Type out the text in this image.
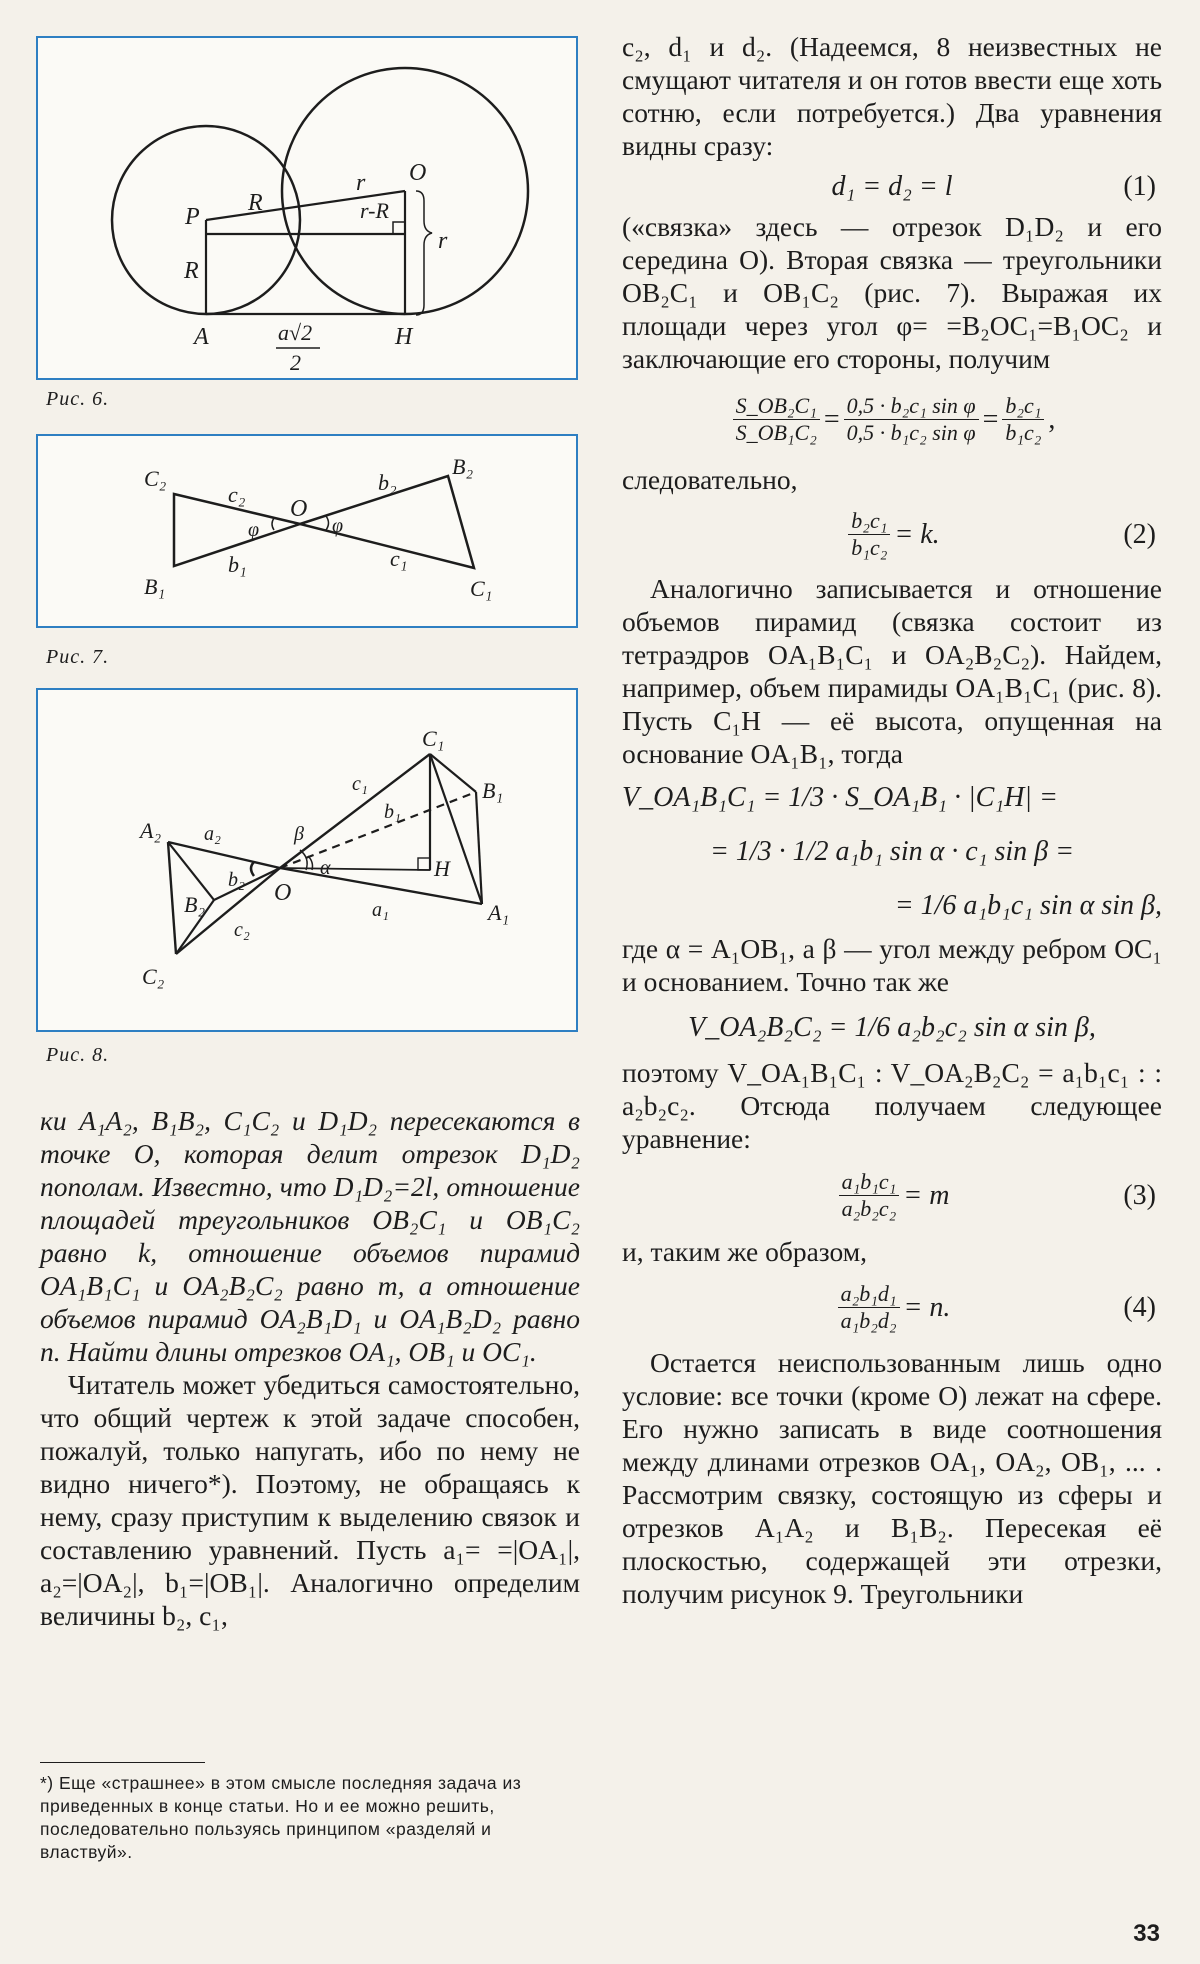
P
O
A	H
R
R
r
r
r-R
a√2
2
Рис. 6.
C₂	B₂
B₁	C₁
O
c₂	b₂
b₁	c₁
φ	φ
Рис. 7.
A₂
B₂
C₂
C₁
B₁
A₁
O
H
a₂
b₂
c₂
c₁
b₁
a₁
α
β
Рис. 8.

ки A₁A₂, B₁B₂, C₁C₂ и D₁D₂ пересекаются в точке O, которая делит отрезок D₁D₂ пополам. Известно, что D₁D₂=2l, отношение площадей треугольников OB₂C₁ и OB₁C₂ равно k, отношение объемов пирамид OA₁B₁C₁ и OA₂B₂C₂ равно m, а отношение объемов пирамид OA₂B₁D₁ и OA₁B₂D₂ равно n. Найти длины отрезков OA₁, OB₁ и OC₁.

Читатель может убедиться самостоятельно, что общий чертеж к этой задаче способен, пожалуй, только напугать, ибо по нему не видно ничего*). Поэтому, не обращаясь к нему, сразу приступим к выделению связок и составлению уравнений. Пусть a₁= =|OA₁|, a₂=|OA₂|, b₁=|OB₁|. Аналогично определим величины b₂, c₁,

*) Еще «страшнее» в этом смысле последняя задача из приведенных в конце статьи. Но и ее можно решить, последовательно пользуясь принципом «разделяй и властвуй».

c₂, d₁ и d₂. (Надеемся, 8 неизвестных не смущают читателя и он готов ввести еще хоть сотню, если потребуется.) Два уравнения видны сразу:

d₁ = d₂ = l	(1)

(«связка» здесь — отрезок D₁D₂ и его середина O). Вторая связка — треугольники OB₂C₁ и OB₁C₂ (рис. 7). Выражая их площади через угол φ= =B₂OC₁=B₁OC₂ и заключающие его стороны, получим

$\frac{\text{S\_OB₂C₁}}{\text{S\_OB₁C₂}} = \frac{\text{0,5 · b₂c₁ sin φ}}{\text{0,5 · b₁c₂ sin φ}} = \frac{\text{b₂c₁}}{\text{b₁c₂}}$ ,

следовательно,

$\frac{\text{b₂c₁}}{\text{b₁c₂}} = k$.	(2)

Аналогично записывается и отношение объемов пирамид (связка состоит из тетраэдров OA₁B₁C₁ и OA₂B₂C₂). Найдем, например, объем пирамиды OA₁B₁C₁ (рис. 8). Пусть C₁H — её высота, опущенная на основание OA₁B₁, тогда

V_OA₁B₁C₁ = 1/3 · S_OA₁B₁ · |C₁H| =
= 1/3 · 1/2 a₁b₁ sin α · c₁ sin β =
= 1/6 a₁b₁c₁ sin α sin β,

где α = A₁OB₁, а β — угол между ребром OC₁ и основанием. Точно так же

V_OA₂B₂C₂ = 1/6 a₂b₂c₂ sin α sin β,

поэтому V_OA₁B₁C₁ : V_OA₂B₂C₂ = a₁b₁c₁ : : a₂b₂c₂. Отсюда получаем следующее уравнение:

$\frac{\text{a₁b₁c₁}}{\text{a₂b₂c₂}} = m$	(3)

и, таким же образом,

$\frac{\text{a₂b₁d₁}}{\text{a₁b₂d₂}} = n$.	(4)

Остается неиспользованным лишь одно условие: все точки (кроме O) лежат на сфере. Его нужно записать в виде соотношения между длинами отрезков OA₁, OA₂, OB₁, ... . Рассмотрим связку, состоящую из сферы и отрезков A₁A₂ и B₁B₂. Пересекая её плоскостью, содержащей эти отрезки, получим рисунок 9. Треугольники

33
